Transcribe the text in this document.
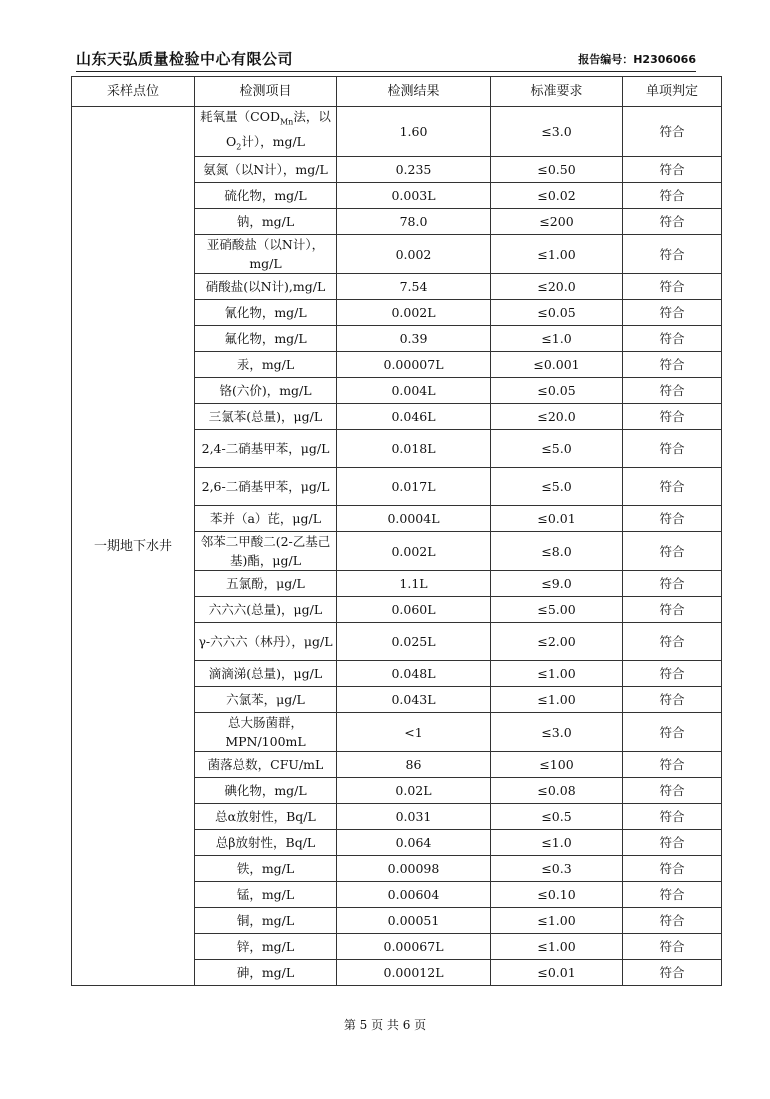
山东天弘质量检验中心有限公司	报告编号：H2306066
采样点位	检测项目	检测结果	标准要求	单项判定
一期地下水井	耗氧量（$COD_{Mn}$法，以$O_2$计），mg/L	1.60	≤3.0	符合
	氨氮（以N计），mg/L	0.235	≤0.50	符合
	硫化物，mg/L	0.003L	≤0.02	符合
	钠，mg/L	78.0	≤200	符合
	亚硝酸盐（以N计），mg/L	0.002	≤1.00	符合
	硝酸盐(以N计),mg/L	7.54	≤20.0	符合
	氰化物，mg/L	0.002L	≤0.05	符合
	氟化物，mg/L	0.39	≤1.0	符合
	汞，mg/L	0.00007L	≤0.001	符合
	铬(六价)，mg/L	0.004L	≤0.05	符合
	三氯苯(总量)，μg/L	0.046L	≤20.0	符合
	2,4-二硝基甲苯，μg/L	0.018L	≤5.0	符合
	2,6-二硝基甲苯，μg/L	0.017L	≤5.0	符合
	苯并（a）芘，μg/L	0.0004L	≤0.01	符合
	邻苯二甲酸二(2-乙基己基)酯，μg/L	0.002L	≤8.0	符合
	五氯酚，μg/L	1.1L	≤9.0	符合
	六六六(总量)，μg/L	0.060L	≤5.00	符合
	γ-六六六（林丹），μg/L	0.025L	≤2.00	符合
	滴滴涕(总量)，μg/L	0.048L	≤1.00	符合
	六氯苯，μg/L	0.043L	≤1.00	符合
	总大肠菌群，MPN/100mL	<1	≤3.0	符合
	菌落总数，CFU/mL	86	≤100	符合
	碘化物，mg/L	0.02L	≤0.08	符合
	总α放射性，Bq/L	0.031	≤0.5	符合
	总β放射性，Bq/L	0.064	≤1.0	符合
	铁，mg/L	0.00098	≤0.3	符合
	锰，mg/L	0.00604	≤0.10	符合
	铜，mg/L	0.00051	≤1.00	符合
	锌，mg/L	0.00067L	≤1.00	符合
	砷，mg/L	0.00012L	≤0.01	符合
第 5 页 共 6 页
